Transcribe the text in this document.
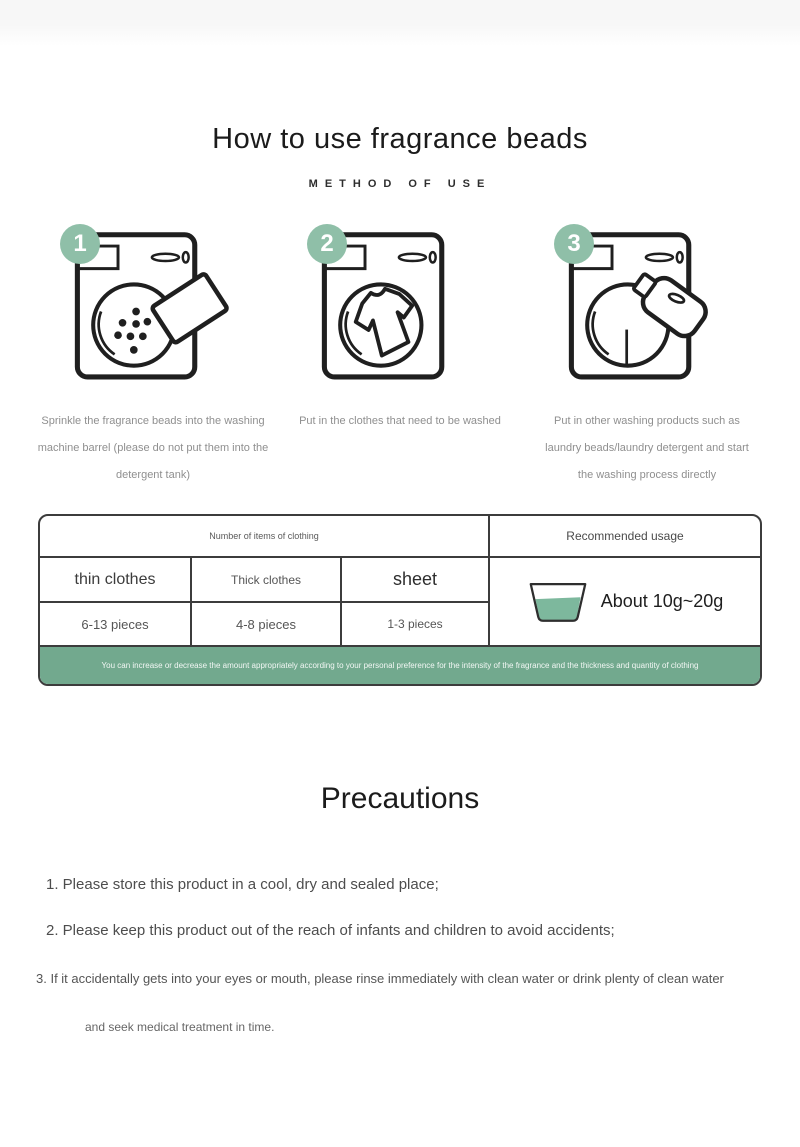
How to use fragrance beads
METHOD OF USE
1
Sprinkle the fragrance beads into the washing
machine barrel (please do not put them into the
detergent tank)
2
Put in the clothes that need to be washed
3
Put in other washing products such as
laundry beads/laundry detergent and start
the washing process directly
Number of items of clothing	Recommended usage
thin clothes	Thick clothes	sheet
About 10g~20g
6-13 pieces	4-8 pieces	1-3 pieces
You can increase or decrease the amount appropriately according to your personal preference for the intensity of the fragrance and the thickness and quantity of clothing
Precautions
1. Please store this product in a cool, dry and sealed place;
2. Please keep this product out of the reach of infants and children to avoid accidents;
3. If it accidentally gets into your eyes or mouth, please rinse immediately with clean water or drink plenty of clean water
and seek medical treatment in time.
